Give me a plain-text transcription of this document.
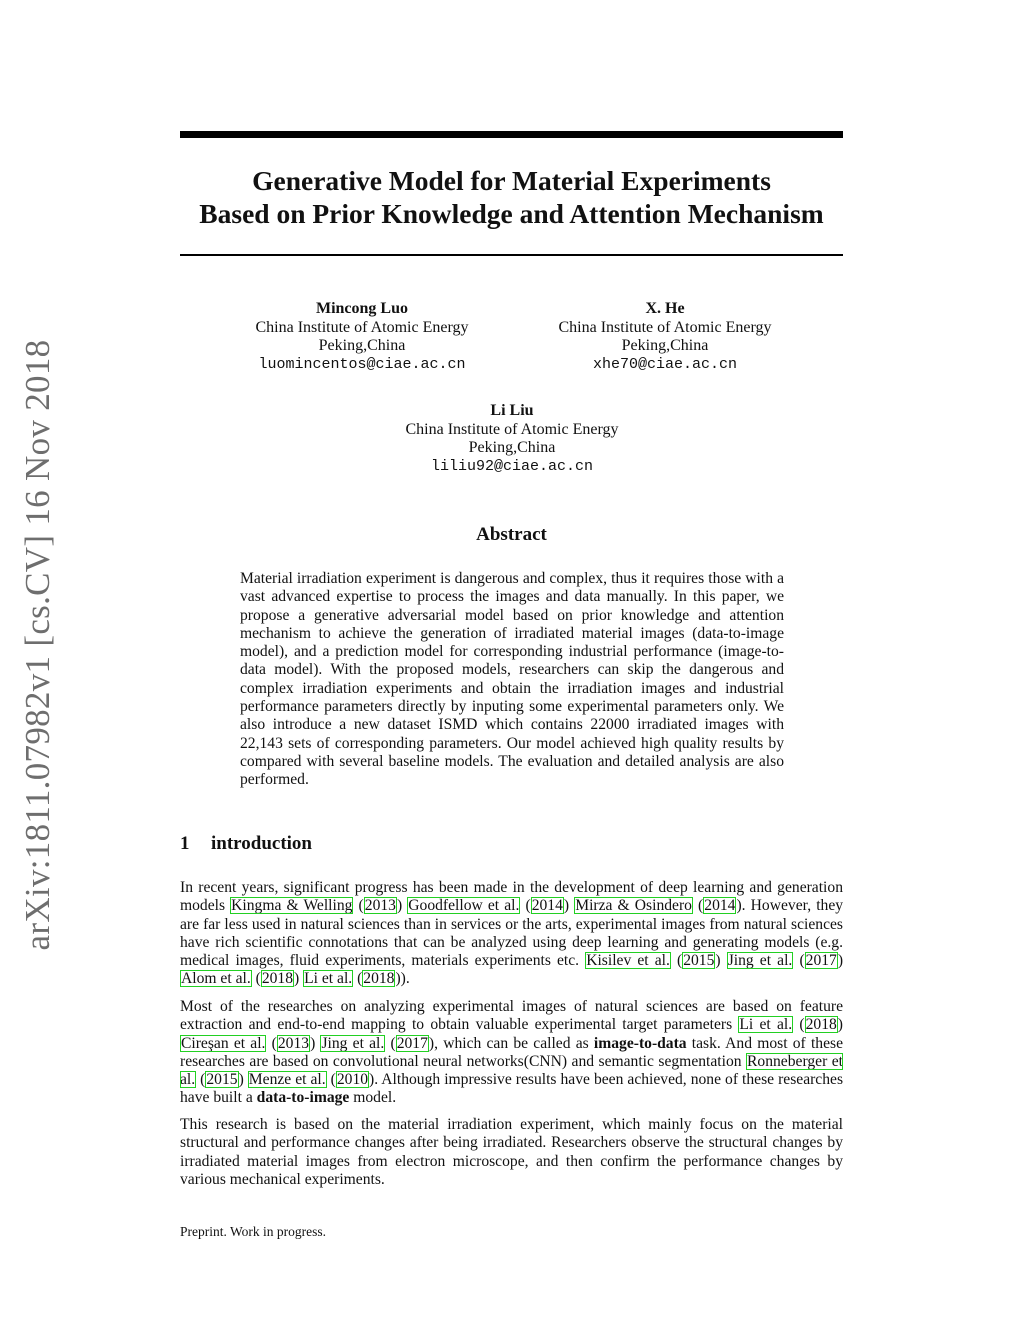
arXiv:1811.07982v1 [cs.CV] 16 Nov 2018
Generative Model for Material Experiments
Based on Prior Knowledge and Attention Mechanism
Mincong Luo
China Institute of Atomic Energy
Peking,China
luomincentos@ciae.ac.cn
X. He
China Institute of Atomic Energy
Peking,China
xhe70@ciae.ac.cn
Li Liu
China Institute of Atomic Energy
Peking,China
liliu92@ciae.ac.cn
Abstract

Material irradiation experiment is dangerous and complex, thus it requires those with a vast advanced expertise to process the images and data manually. In this paper, we propose a generative adversarial model based on prior knowledge and attention mechanism to achieve the generation of irradiated material images (data-to-image model), and a prediction model for corresponding industrial performance (image-to-data model). With the proposed models, researchers can skip the dangerous and complex irradiation experiments and obtain the irradiation images and industrial performance parameters directly by inputing some experimental parameters only. We also introduce a new dataset ISMD which contains 22000 irradiated images with 22,143 sets of corresponding parameters. Our model achieved high quality results by compared with several baseline models. The evaluation and detailed analysis are also performed.

1 introduction

In recent years, significant progress has been made in the development of deep learning and generation models Kingma & Welling (2013) Goodfellow et al. (2014) Mirza & Osindero (2014). However, they are far less used in natural sciences than in services or the arts, experimental images from natural sciences have rich scientific connotations that can be analyzed using deep learning and generating models (e.g. medical images, fluid experiments, materials experiments etc. Kisilev et al. (2015) Jing et al. (2017) Alom et al. (2018) Li et al. (2018)).

Most of the researches on analyzing experimental images of natural sciences are based on feature extraction and end-to-end mapping to obtain valuable experimental target parameters Li et al. (2018) Cireşan et al. (2013) Jing et al. (2017), which can be called as image-to-data task. And most of these researches are based on convolutional neural networks(CNN) and semantic segmentation Ronneberger et al. (2015) Menze et al. (2010). Although impressive results have been achieved, none of these researches have built a data-to-image model.

This research is based on the material irradiation experiment, which mainly focus on the material structural and performance changes after being irradiated. Researchers observe the structural changes by irradiated material images from electron microscope, and then confirm the performance changes by various mechanical experiments.

Preprint. Work in progress.
